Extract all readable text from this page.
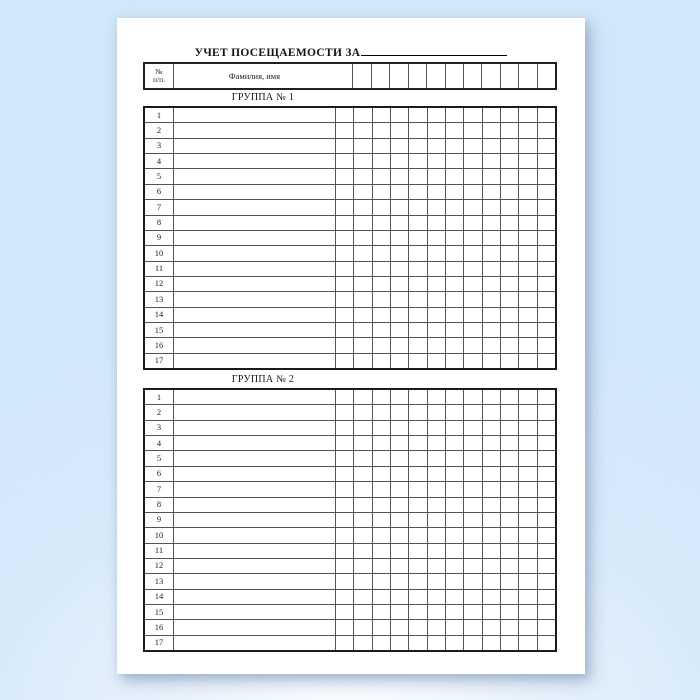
УЧЕТ ПОСЕЩАЕМОСТИ ЗА
№
п/п.	Фамилия, имя
ГРУППА № 1
1
2
3
4
5
6
7
8
9
10
11
12
13
14
15
16
17
ГРУППА № 2
1
2
3
4
5
6
7
8
9
10
11
12
13
14
15
16
17
